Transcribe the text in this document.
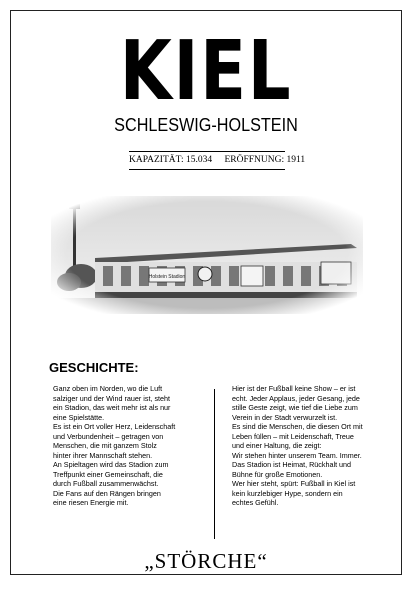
KIEL
SCHLESWIG-HOLSTEIN
KAPAZITÄT: 15.034 ERÖFFNUNG: 1911
GESCHICHTE:

Ganz oben im Norden, wo die Luft

salziger und der Wind rauer ist, steht

ein Stadion, das weit mehr ist als nur

eine Spielstätte.

Es ist ein Ort voller Herz, Leidenschaft

und Verbundenheit – getragen von

Menschen, die mit ganzem Stolz

hinter ihrer Mannschaft stehen.

An Spieltagen wird das Stadion zum

Treffpunkt einer Gemeinschaft, die

durch Fußball zusammenwächst.

Die Fans auf den Rängen bringen

eine riesen Energie mit.

Hier ist der Fußball keine Show – er ist

echt. Jeder Applaus, jeder Gesang, jede

stille Geste zeigt, wie tief die Liebe zum

Verein in der Stadt verwurzelt ist.

Es sind die Menschen, die diesen Ort mit

Leben füllen – mit Leidenschaft, Treue

und einer Haltung, die zeigt:

Wir stehen hinter unserem Team. Immer.

Das Stadion ist Heimat, Rückhalt und

Bühne für große Emotionen.

Wer hier steht, spürt: Fußball in Kiel ist

kein kurzlebiger Hype, sondern ein

echtes Gefühl.

„STÖRCHE“
